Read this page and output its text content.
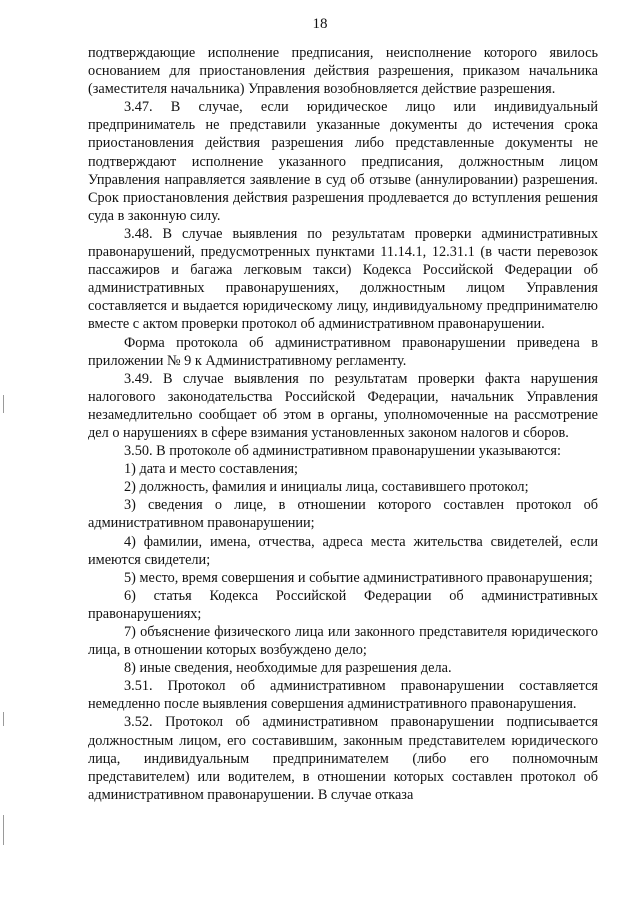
18

подтверждающие исполнение предписания, неисполнение которого явилось основанием для приостановления действия разрешения, приказом начальника (заместителя начальника) Управления возобновляется действие разрешения.

3.47. В случае, если юридическое лицо или индивидуальный предприниматель не представили указанные документы до истечения срока приостановления действия разрешения либо представленные документы не подтверждают исполнение указанного предписания, должностным лицом Управления направляется заявление в суд об отзыве (аннулировании) разрешения. Срок приостановления действия разрешения продлевается до вступления решения суда в законную силу.

3.48. В случае выявления по результатам проверки административных правонарушений, предусмотренных пунктами 11.14.1, 12.31.1 (в части перевозок пассажиров и багажа легковым такси) Кодекса Российской Федерации об административных правонарушениях, должностным лицом Управления составляется и выдается юридическому лицу, индивидуальному предпринимателю вместе с актом проверки протокол об административном правонарушении.

Форма протокола об административном правонарушении приведена в приложении № 9 к Административному регламенту.

3.49. В случае выявления по результатам проверки факта нарушения налогового законодательства Российской Федерации, начальник Управления незамедлительно сообщает об этом в органы, уполномоченные на рассмотрение дел о нарушениях в сфере взимания установленных законом налогов и сборов.

3.50. В протоколе об административном правонарушении указываются:

1) дата и место составления;

2) должность, фамилия и инициалы лица, составившего протокол;

3) сведения о лице, в отношении которого составлен протокол об административном правонарушении;

4) фамилии, имена, отчества, адреса места жительства свидетелей, если имеются свидетели;

5) место, время совершения и событие административного правонарушения;

6) статья Кодекса Российской Федерации об административных правонарушениях;

7) объяснение физического лица или законного представителя юридического лица, в отношении которых возбуждено дело;

8) иные сведения, необходимые для разрешения дела.

3.51. Протокол об административном правонарушении составляется немедленно после выявления совершения административного правонарушения.

3.52. Протокол об административном правонарушении подписывается должностным лицом, его составившим, законным представителем юридического лица, индивидуальным предпринимателем (либо его полномочным представителем) или водителем, в отношении которых составлен протокол об административном правонарушении. В случае отказа
